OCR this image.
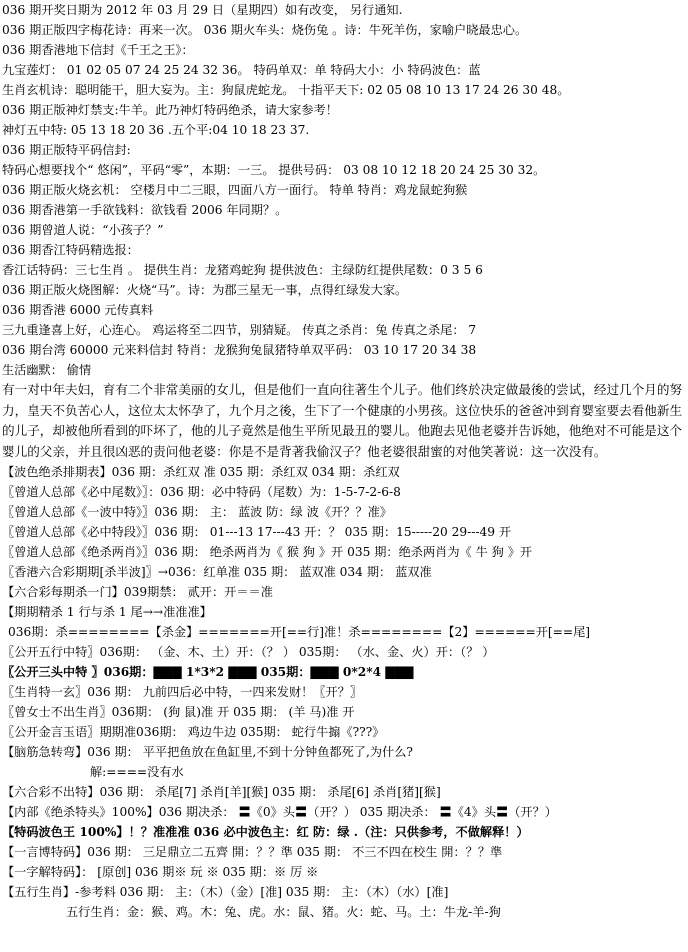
036 期开奖日期为 2012 年 03 月 29 日（星期四）如有改变， 另行通知.
036 期正版四字梅花诗：再来一次。 036 期火车头：烧伤兔 。诗：牛死羊伤，家喻户晓最忠心。
036 期香港地下信封《千王之王》：
九宝莲灯： 01 02 05 07 24 25 24 32 36。 特码单双：单 特码大小：小 特码波色：蓝
生肖玄机诗：聪明能干，胆大妄为。主：狗鼠虎蛇龙。 十指平天下: 02 05 08 10 13 17 24 26 30 48。
036 期正版神灯禁支:牛羊。此乃神灯特码绝杀，请大家参考！
神灯五中特: 05 13 18 20 36 .五个平:04 10 18 23 37.
036 期正版特平码信封:
特码心想要找个“ 悠闲”，平码“零”，本期：一三。 提供号码： 03 08 10 12 18 20 24 25 30 32。
036 期正版火烧玄机： 空楼月中二三眼，四面八方一面行。 特单 特肖：鸡龙鼠蛇狗猴
036 期香港第一手欲钱料：欲钱看 2006 年同期？。
036 期曾道人说：“小孩子？”
036 期香江特码精选报：
香江话特码：三七生肖 。 提供生肖：龙猪鸡蛇狗 提供波色：主绿防红提供尾数：0 3 5 6
036 期正版火烧图解：火烧“马”。诗：为郡三星无一事，点得红绿发大家。
036 期香港 6000 元传真料
三九重逢喜上好，心连心。 鸡运将至二四节，别猜疑。 传真之杀肖：兔 传真之杀尾： 7
036 期台湾 60000 元来料信封 特肖：龙猴狗兔鼠猪特单双平码： 03 10 17 20 34 38
生活幽默： 偷情

有一对中年夫妇，育有二个非常美丽的女儿，但是他们一直向往著生个儿子。他们终於决定做最後的尝试，经过几个月的努力，皇天不负苦心人，这位太太怀孕了，九个月之後，生下了一个健康的小男孩。这位快乐的爸爸冲到育婴室要去看他新生的儿子，却被他所看到的吓坏了，他的儿子竟然是他生平所见最丑的婴儿。他跑去见他老婆并告诉她，他绝对不可能是这个婴儿的父亲，并且很凶恶的责问他老婆：你是不是背著我偷汉子？他老婆很甜蜜的对他笑著说：这一次没有。

【波色绝杀排期表】036 期：杀红双 准 035 期：杀红双 034 期：杀红双
〖曾道人总部《必中尾数》〗：036 期：必中特码（尾数）为：1-5-7-2-6-8
〖曾道人总部《一波中特》〗036 期： 主： 蓝波 防：绿 波《开？？准》
〖曾道人总部《必中特段》〗036 期： 01---13 17---43 开：？ 035 期：15-----20 29---49 开
〖曾道人总部《绝杀两肖》〗036 期： 绝杀两肖为《 猴 狗 》开 035 期：绝杀两肖为《 牛 狗 》开
〖香港六合彩期期[杀半波]〗→036：红单准 035 期： 蓝双准 034 期： 蓝双准
【六合彩每期杀一门】039期禁： 贰开：开＝＝准
【期期精杀 1 行与杀 1 尾→→准准准】
036期：杀========【杀金】=======开[==行]准！杀========【2】======开[==尾]
〖公开五行中特〗036期： （金、木、土）开：（？ ） 035期： （水、金、火）开：（？ ）
〖公开三头中特 〗036期：▇▇▇ 1*3*2 ▇▇▇ 035期：▇▇▇ 0*2*4 ▇▇▇
〖生肖特一玄〗036 期： 九前四后必中特，一四来发财！〖开？〗
〖曾女士不出生肖〗036期： (狗 鼠)准 开 035 期： (羊 马)准 开
〖公开金言玉语〗期期准036期： 鸡边牛边 035期： 蛇行牛搧《???》
【脑筋急转弯】036 期： 平平把鱼放在鱼缸里,不到十分钟鱼都死了,为什么?
解:====没有水
【六合彩不出特】036 期： 杀尾[7] 杀肖[羊][猴] 035 期： 杀尾[6] 杀肖[猪][猴]
【内部《绝杀特头》100%】036 期决杀： 〓《0》头〓（开？） 035 期决杀： 〓《4》头〓（开？）
【特码波色王 100%】！？准准准 036 必中波色主：红 防：绿 .（注：只供参考，不做解释！）
【一言博特码】036 期： 三足鼎立二五齊 開：？？準 035 期： 不三不四在校生 開：？？準
【一字解特码】： [原创] 036 期※ 玩 ※ 035 期：※ 厉 ※
【五行生肖】-参考料 036 期： 主：（木）（金）[准] 035 期： 主：（木）（水）[准]
五行生肖：金：猴、鸡。木：兔、虎。水：鼠、猪。火：蛇、马。土：牛龙-羊-狗
